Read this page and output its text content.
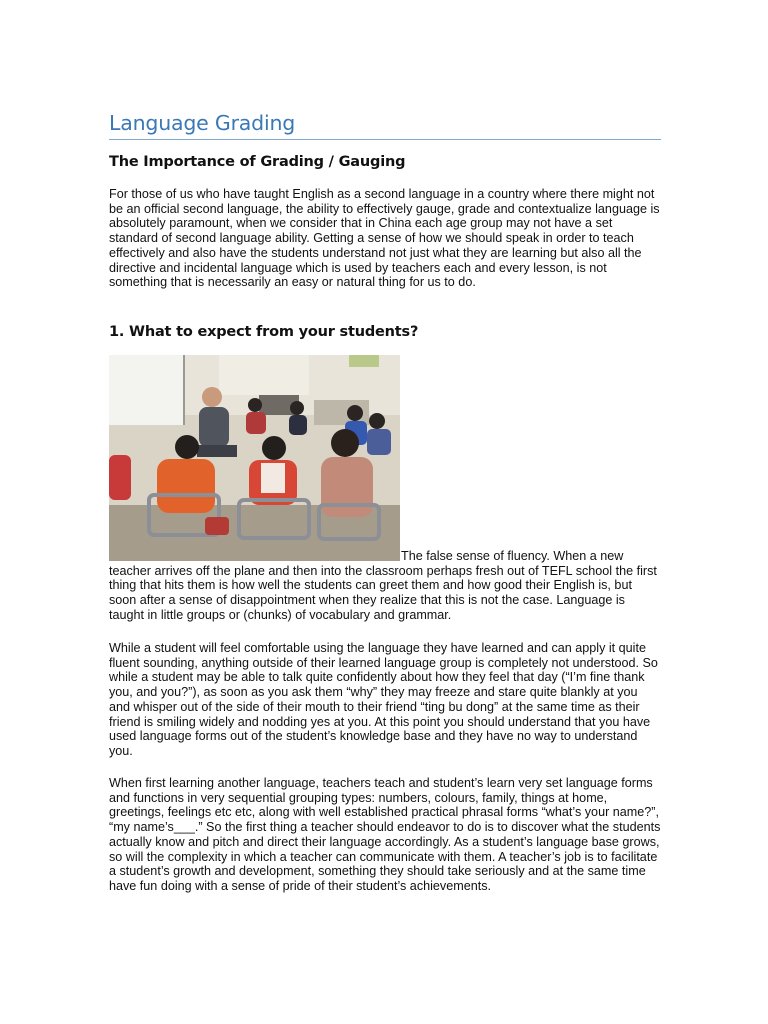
Language Grading
The Importance of Grading / Gauging

For those of us who have taught English as a second language in a country where there might not be an official second language, the ability to effectively gauge, grade and contextualize language is absolutely paramount, when we consider that in China each age group may not have a set standard of second language ability. Getting a sense of how we should speak in order to teach effectively and also have the students understand not just what they are learning but also all the directive and incidental language which is used by teachers each and every lesson, is not something that is necessarily an easy or natural thing for us to do.

1. What to expect from your students?

The false sense of fluency. When a new

teacher arrives off the plane and then into the classroom perhaps fresh out of TEFL school the first thing that hits them is how well the students can greet them and how good their English is, but soon after a sense of disappointment when they realize that this is not the case. Language is taught in little groups or (chunks) of vocabulary and grammar.

While a student will feel comfortable using the language they have learned and can apply it quite fluent sounding, anything outside of their learned language group is completely not understood. So while a student may be able to talk quite confidently about how they feel that day (“I’m fine thank you, and you?”), as soon as you ask them “why” they may freeze and stare quite blankly at you and whisper out of the side of their mouth to their friend “ting bu dong” at the same time as their friend is smiling widely and nodding yes at you. At this point you should understand that you have used language forms out of the student’s knowledge base and they have no way to understand you.

When first learning another language, teachers teach and student’s learn very set language forms and functions in very sequential grouping types: numbers, colours, family, things at home, greetings, feelings etc etc, along with well established practical phrasal forms “what’s your name?”, “my name’s___.” So the first thing a teacher should endeavor to do is to discover what the students actually know and pitch and direct their language accordingly. As a student’s language base grows, so will the complexity in which a teacher can communicate with them. A teacher’s job is to facilitate a student’s growth and development, something they should take seriously and at the same time have fun doing with a sense of pride of their student’s achievements.
